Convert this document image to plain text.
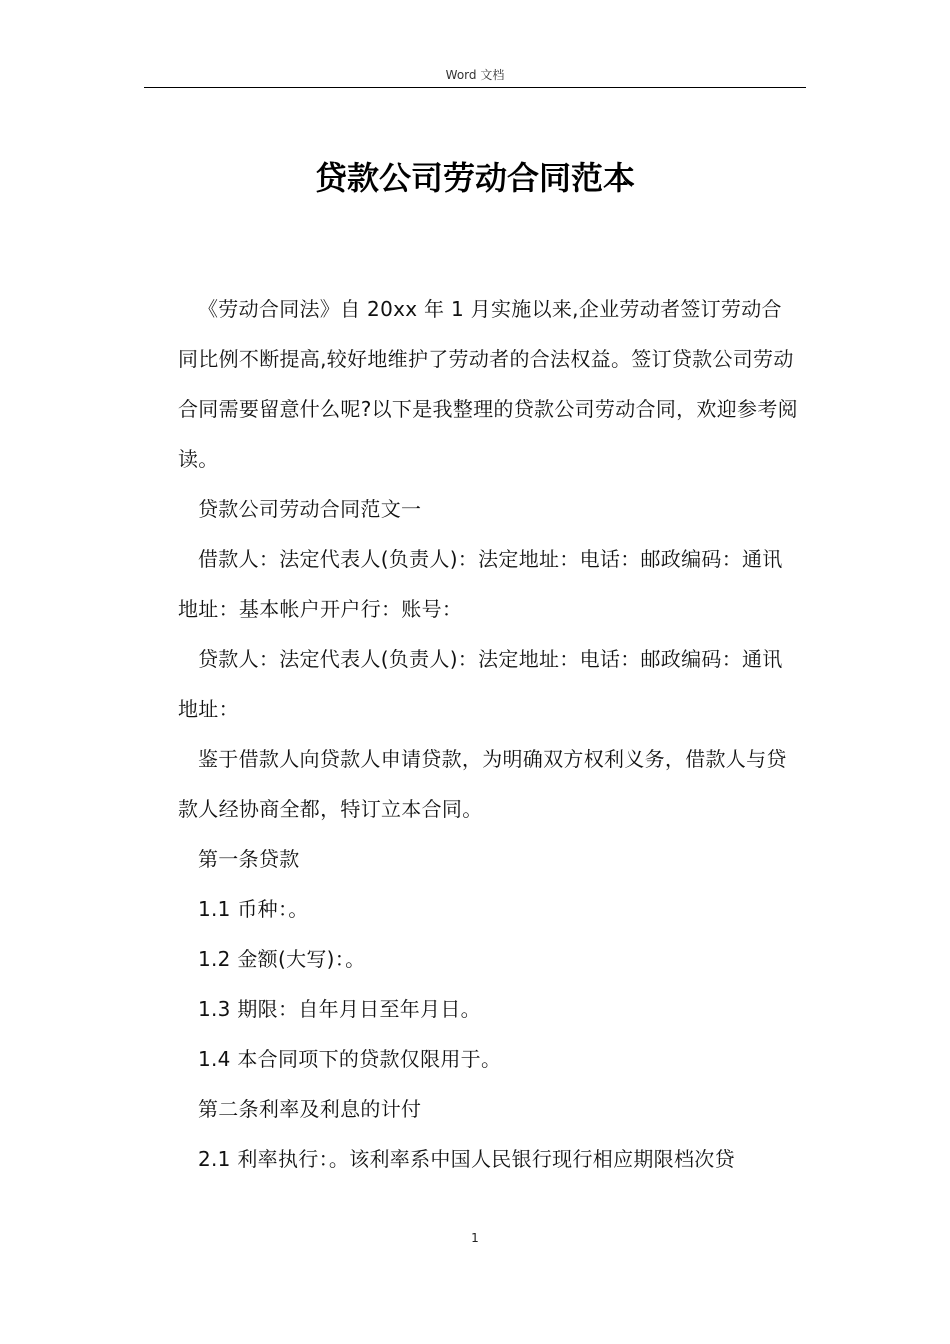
Word 文档
贷款公司劳动合同范本

《劳动合同法》自 20xx 年 1 月实施以来,企业劳动者签订劳动合同比例不断提高,较好地维护了劳动者的合法权益。签订贷款公司劳动合同需要留意什么呢?以下是我整理的贷款公司劳动合同，欢迎参考阅读。

贷款公司劳动合同范文一

借款人：法定代表人(负责人)：法定地址：电话：邮政编码：通讯地址：基本帐户开户行：账号：

贷款人：法定代表人(负责人)：法定地址：电话：邮政编码：通讯地址：

鉴于借款人向贷款人申请贷款，为明确双方权利义务，借款人与贷款人经协商全都，特订立本合同。

第一条贷款

1.1 币种：。

1.2 金额(大写)：。

1.3 期限：自年月日至年月日。

1.4 本合同项下的贷款仅限用于。

第二条利率及利息的计付

2.1 利率执行：。该利率系中国人民银行现行相应期限档次贷

1
